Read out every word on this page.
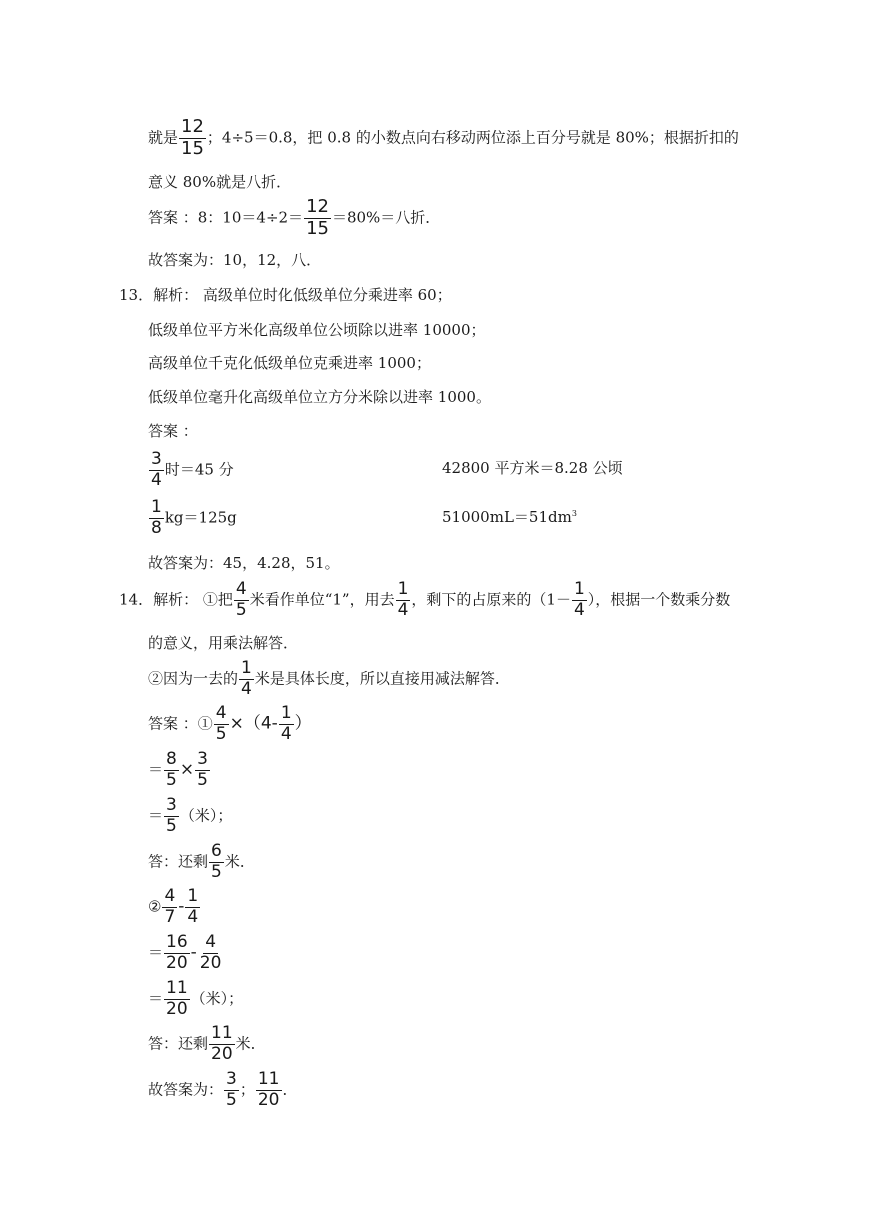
就是 $\frac{12}{15}$ ；4÷5＝0.8，把 0.8 的小数点向右移动两位添上百分号就是 80%；根据折扣的
意义 80%就是八折．
答案 ：8：$10=4\div 2= \frac{12}{15} =80\%=$八折．
故答案为：10，12，八．
13．解析： 高级单位时化低级单位分乘进率 60；
低级单位平方米化高级单位公顷除以进率 10000；
高级单位千克化低级单位克乘进率 1000；
低级单位毫升化高级单位立方分米除以进率 1000。
答案 ：
$\frac{3}{4}$ 时＝45 分	42800 平方米＝8.28 公顷
$\frac{1}{8} kg=125g$	$51000mL=51dm^3$
故答案为：45，4.28，51。
14．解析： ①把 $\frac{4}{5}$ 米看作单位“1”，用去 $\frac{1}{4}$ ，剩下的占原来的（$1- \frac{1}{4}$ ），根据一个数乘分数
的意义，用乘法解答．
②因为一去的 $\frac{1}{4}$ 米是具体长度，所以直接用减法解答．
答案 ：① $\frac{4}{5} \times(4- \frac{1}{4}$ ）
＝ $\frac{8}{5} \times \frac{3}{5}$
＝ $\frac{3}{5}$ （米）；
答：还剩 $\frac{6}{5}$ 米．
② $\frac{4}{7} - \frac{1}{4}$
＝ $\frac{16}{20} - \frac{4}{20}$
＝ $\frac{11}{20}$ （米）；
答：还剩 $\frac{11}{20}$ 米．
故答案为： $\frac{3}{5}$ ； $\frac{11}{20}$ ．
